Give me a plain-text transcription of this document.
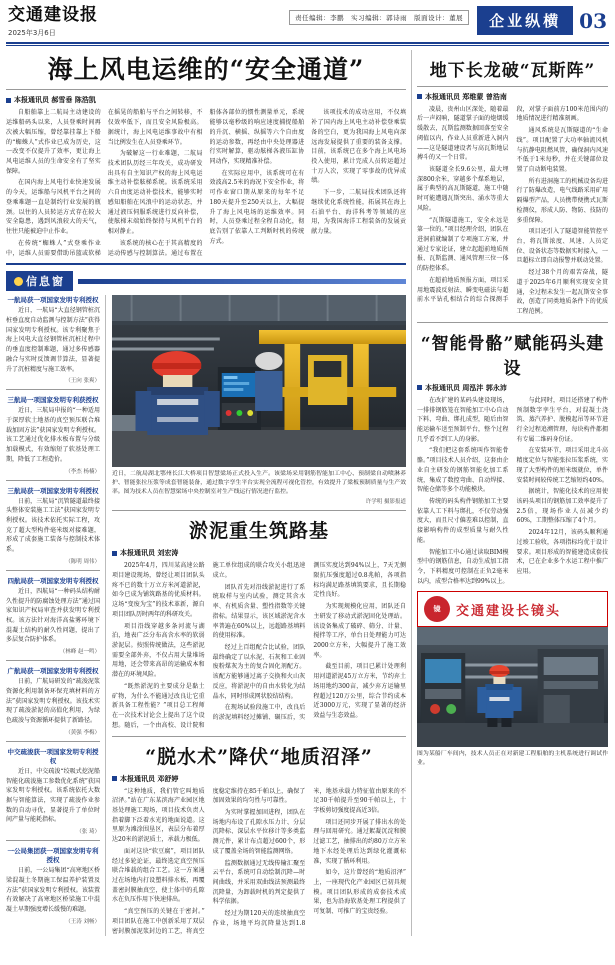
交通建设报
2025年3月6日
责任编辑：李鹏　实习编辑：郭诗雨　版面设计：董展	企业纵横 03
海上风电运维的“安全通道”
本报通讯员 郝雪垂 陈浩凯

自船舶靠上二航局主动建设的运维船码头以来，人员登乘时间再次被大幅压缩，曾经靠挂靠上下船的“蜘蛛人”式作业已成为历史，这一改变不仅提升了效率，更让海上风电运维人员的生命安全有了坚实保障。

在国内海上风电行业快速发展的今天，运维船与风机平台之间的登乘难题一直是制约行业发展的瓶颈。以往的人员转运方式存在较大安全隐患，遇到风浪较大的天气，往往只能被迫中止作业。

在传统“蜘蛛人”式登乘作业中，运维人员需要借助吊篮或软梯在摇晃的船舶与平台之间转移，不仅效率低下，而且安全风险极高。据统计，海上风电运维事故中有相当比例发生在人员登乘环节。

为破解这一行业难题，二航局技术团队历经三年攻关，成功研发出具有自主知识产权的海上风电运维主动补偿舷梯系统。该系统采用六自由度运动补偿技术，能够实时感知船舶在风浪中的运动状态，并通过液压伺服系统进行反向补偿，使舷梯末端始终保持与风机平台的相对静止。

该系统的核心在于其高精度的运动传感与控制算法。通过布置在船体各部位的惯性测量单元，系统能够以毫秒级的响应速度捕捉船舶的升沉、横摇、纵摇等六个自由度的运动参数，再经由中央处理器进行实时解算，驱动舷梯各液压缸协同动作，实现精准补偿。

在实际应用中，该系统可在有效波高2.5米的海况下安全作业，将可作业窗口期从原来的每年不足180天提升至250天以上，大幅提升了海上风电场的运维效率。同时，人员登乘过程全程自动化，彻底告别了依靠人工判断时机的传统方式。

该项技术的成功应用，不仅填补了国内海上风电主动补偿登乘装备的空白，更为我国海上风电向深远海发展提供了重要的装备支撑。目前，该系统已在多个海上风电场投入使用，累计完成人员转运超过十万人次，实现了零事故的优异成绩。

下一步，二航局技术团队还将继续优化系统性能，拓展其在海上石油平台、海洋科考等领域的应用，为我国海洋工程装备的发展贡献力量。

信息窗
一航局获一项国家发明专利授权

近日，一航局“大直径钢管桩沉桩垂直度自动监测与控制方法”获得国家发明专利授权。该专利聚焦于海上风电大直径钢管桩沉桩过程中的垂直度控制难题，通过多传感器融合与实时反馈调节算法，显著提升了沉桩精度与施工效率。

（王向 张爽）
三航局一项国家发明专利获授权

近日，三航局申报的“一种适用于深厚软土地基的真空预压联合堆载加固方法”获国家发明专利授权。该工艺通过优化排水板布置与分级加载模式，有效缩短了软基处理工期，降低了工程造价。

（李杰 杨楠）
三航局获一项国家发明专利授权

日前，三航局“沉管隧道最终接头整体安装施工工法”获国家发明专利授权。该技术依托实际工程，攻克了超大型构件毫米级对接难题，形成了成套施工装备与控制技术体系。

（陈明 周伟）
四航局获一项国家发明专利授权

近日，四航局“一种码头结构耐久性提升的防腐蚀处理方法”通过国家知识产权局审查并获发明专利授权。该方法针对海洋高盐雾环境下混凝土结构的耐久性问题，提出了多层复合防护体系。

（林峰 赵一鸣）
广航局获一项国家发明专利授权

日前，广航局研发的“疏浚泥浆资源化利用制备环保充填材料的方法”获国家发明专利授权。该技术实现了疏浚淤泥的高值化利用，为绿色疏浚与资源循环提供了新路径。

（黄强 李梅）
中交疏浚获一项国家发明专利授权

近日，中交疏浚“绞吸式挖泥船智能化疏浚施工参数优化系统”获国家发明专利授权。该系统依托大数据与智能算法，实现了疏浚作业参数的自动寻优，显著提升了单位时间产量与能耗指标。

（张 琦）
一公局集团获一项国家发明专利授权

日前，一公局集团“高寒地区桥梁混凝土冬期施工保温养护装置及方法”获国家发明专利授权。该装置有效解决了高寒地区桥梁施工中混凝土早期强度增长缓慢的难题。

（王涛 刘畅）
近日，二航局湖北鄂州长江大桥项目智慧梁场正式投入生产。该梁场采用钢筋智能加工中心、预制梁自动喷淋养护、智能张拉压浆等成套智能装备，通过数字孪生平台实现全流程可视化管控，有效提升了梁板预制质量与生产效率。图为技术人员在智慧梁场中央控制室对生产线运行情况进行监控。
许学明 摄影报道
淤泥重生筑路基
本报通讯员 刘宏涛

2025年4月，四川某高速公路项目建设现场，曾经让项目团队头疼不已的数十万立方米河道淤泥，如今已成为铺筑路基的优质材料。这场“变废为宝”的技术革新，源自项目团队历时两年的科研攻关。

项目沿线穿越多条河流与湖泊，地表广泛分布高含水率的软弱淤泥层。按照传统做法，这些淤泥需要全部外弃，不仅占用大量堆场用地，还会带来高昂的运输成本和潜在的环境风险。

“既然淤泥的主要成分是黏土矿物，为什么不能通过改良让它重新具备工程性能？”项目总工程师在一次技术讨论会上提出了这个设想。随后，一个由高校、设计院和施工单位组成的联合攻关小组迅速成立。

团队首先对沿线淤泥进行了系统取样与室内试验，测定其含水率、有机质含量、塑性指数等关键指标。结果显示，该区域淤泥含水率普遍在60%以上，远超路基填料的使用标准。

经过上百组配合比试验，团队最终确定了以水泥、石灰和工业固废粉煤灰为主的复合固化剂配方。该配方能够通过离子交换和火山灰反应，将淤泥中的自由水转化为结晶水，同时形成网状胶结结构。

在现场试验段施工中，改良后的淤泥填料经过摊铺、碾压后，实测压实度达到94%以上，7天无侧限抗压强度超过0.8兆帕，各项指标均满足路基填筑要求，且长期稳定性良好。

为实现规模化应用，团队还自主研发了移动式淤泥固化处理站。该设备集成了破碎、筛分、计量、搅拌等工序，单台日处理能力可达2000立方米，大幅提升了施工效率。

截至目前，项目已累计处理利用河道淤泥45万立方米，节约弃土场用地约300亩，减少弃方运输里程超过120万公里，综合节约成本近3000万元，实现了显著的经济效益与生态效益。

“脱水术”降伏“地质沼泽”
本报通讯员 邓舒婷

“这种地质，我们管它叫地质沼泽。”站在广东某滨海产业园区地基处理施工现场，项目技术负责人指着脚下泛着水光的地面说道。这里原为滩涂围垦区，表层分布着厚达20米的淤泥质土，承载力极低。

面对这块“软豆腐”，项目团队经过多轮论证，最终选定真空预压联合堆载的组合工艺。这一方案通过在场地内打设塑料排水板，再覆盖密封膜抽真空，使土体中的孔隙水在负压作用下快速排出。

“真空预压的关键在于密封。”项目团队在施工中创新采用了双层密封膜加泥浆封边的工艺，将真空度稳定维持在85千帕以上，确保了加固效果的均匀性与可靠性。

为实时掌握加固进程，团队在场地内布设了孔隙水压力计、分层沉降标、深层水平位移计等多类监测元件，累计布点超过600个，形成了覆盖全场的智能监测网络。

监测数据通过无线传输汇聚至云平台，系统可自动绘制沉降—时间曲线，并采用双曲线法预测最终沉降量，为卸载时机的判定提供了科学依据。

经过为期120天的连续抽真空作业，场地平均沉降量达到1.8米，地基承载力特征值由原来的不足30千帕提升至90千帕以上，十字板剪切强度提高近3倍。

项目还同步开展了排出水的处理与回用研究。通过絮凝沉淀和膜过滤工艺，抽排出的约80万立方米地下水经处理后达到绿化灌溉标准，实现了循环利用。

如今，这片曾经的“地质沼泽”上，一座现代化产业园区已初具规模。项目团队形成的成套技术成果，也为沿海软基处理工程提供了可复制、可推广的宝贵经验。

地下长龙破“瓦斯阵”
本报通讯员 郑维蒙 曾浩南

凌晨，贵州山区深处，随着最后一声闷响，隧道掌子面的炮烟缓缓散去，瓦斯监测数据回落至安全阈值以内，作业人员重新进入洞内——这是隧道建设者与高瓦斯地层搏斗的又一个日常。

该隧道全长9.6公里，最大埋深800余米，穿越多个煤系地层，属于典型的高瓦斯隧道，施工中随时可能遭遇瓦斯突出、涌水等重大风险。

“瓦斯隧道施工，安全永远是第一位的。”项目经理介绍，团队在进洞前就编制了专项施工方案，并通过专家论证，建立起超前地质预报、瓦斯监测、通风管理三位一体的防控体系。

在超前地质预报方面，项目采用地震波反射法、瞬变电磁法与超前水平钻孔相结合的综合探测手段，对掌子面前方100米范围内的地质情况进行精准刻画。

通风系统是瓦斯隧道的“生命线”。项目配置了大功率轴流风机与抗静电阻燃风管，确保洞内风速不低于1米每秒，并在关键部位设置了自动断电装置。

所有进洞施工的机械设备均进行了防爆改造，电气线路采用矿用隔爆型产品，人员携带便携式瓦斯检测仪，形成人防、物防、技防的多重保障。

项目还引入了隧道智能管控平台，将瓦斯浓度、风速、人员定位、设备状态等数据实时接入，一旦超标立即自动报警并联动处置。

经过38个月的艰苦奋战，隧道于2025年6月顺利实现安全贯通，全过程未发生一起瓦斯安全事故，创造了同类地质条件下的优质工程范例。

“智能骨骼”赋能码头建设
本报通讯员 周泓沣 郭永沛

在改扩建的某码头建设现场，一排排钢筋笼在智能加工中心自动下料、弯曲、绑扎成型，随后由智能运输车送至预制平台，整个过程几乎看不到工人的身影。

“我们把这套系统叫作智能骨骼。”项目技术人员介绍，这套由企业自主研发的钢筋智能化加工系统，集成了数控弯曲、自动焊接、智能仓储等多个功能模块。

传统的码头构件钢筋加工主要依靠人工下料与绑扎，不仅劳动强度大，而且尺寸偏差难以控制，直接影响构件的成型质量与耐久性能。

智能加工中心通过读取BIM模型中的钢筋信息，自动生成加工指令，下料精度可控制在正负2毫米以内，成型合格率达到99%以上。

与此同时，项目还搭建了构件预制数字孪生平台，对混凝土浇筑、蒸汽养护、脱模起吊等环节进行全过程追溯管理，每块构件都拥有专属二维码身份证。

在安装环节，项目采用北斗高精度定位与智能张拉压浆系统，实现了大型构件的厘米级就位，单件安装时间较传统工艺缩短约40%。

据统计，智能化技术的应用使该码头项目的钢筋加工效率提升了2.5倍，现场作业人员减少约60%，工期整体压缩了4个月。

2024年12月，该码头顺利通过竣工验收，各项指标均优于设计要求。项目形成的智能建造成套技术，已在企业多个水运工程中推广应用。

镜	交通建设长镜头
图为某船厂车间内，技术人员正在对新建工程船舶的主机系统进行调试作业。
